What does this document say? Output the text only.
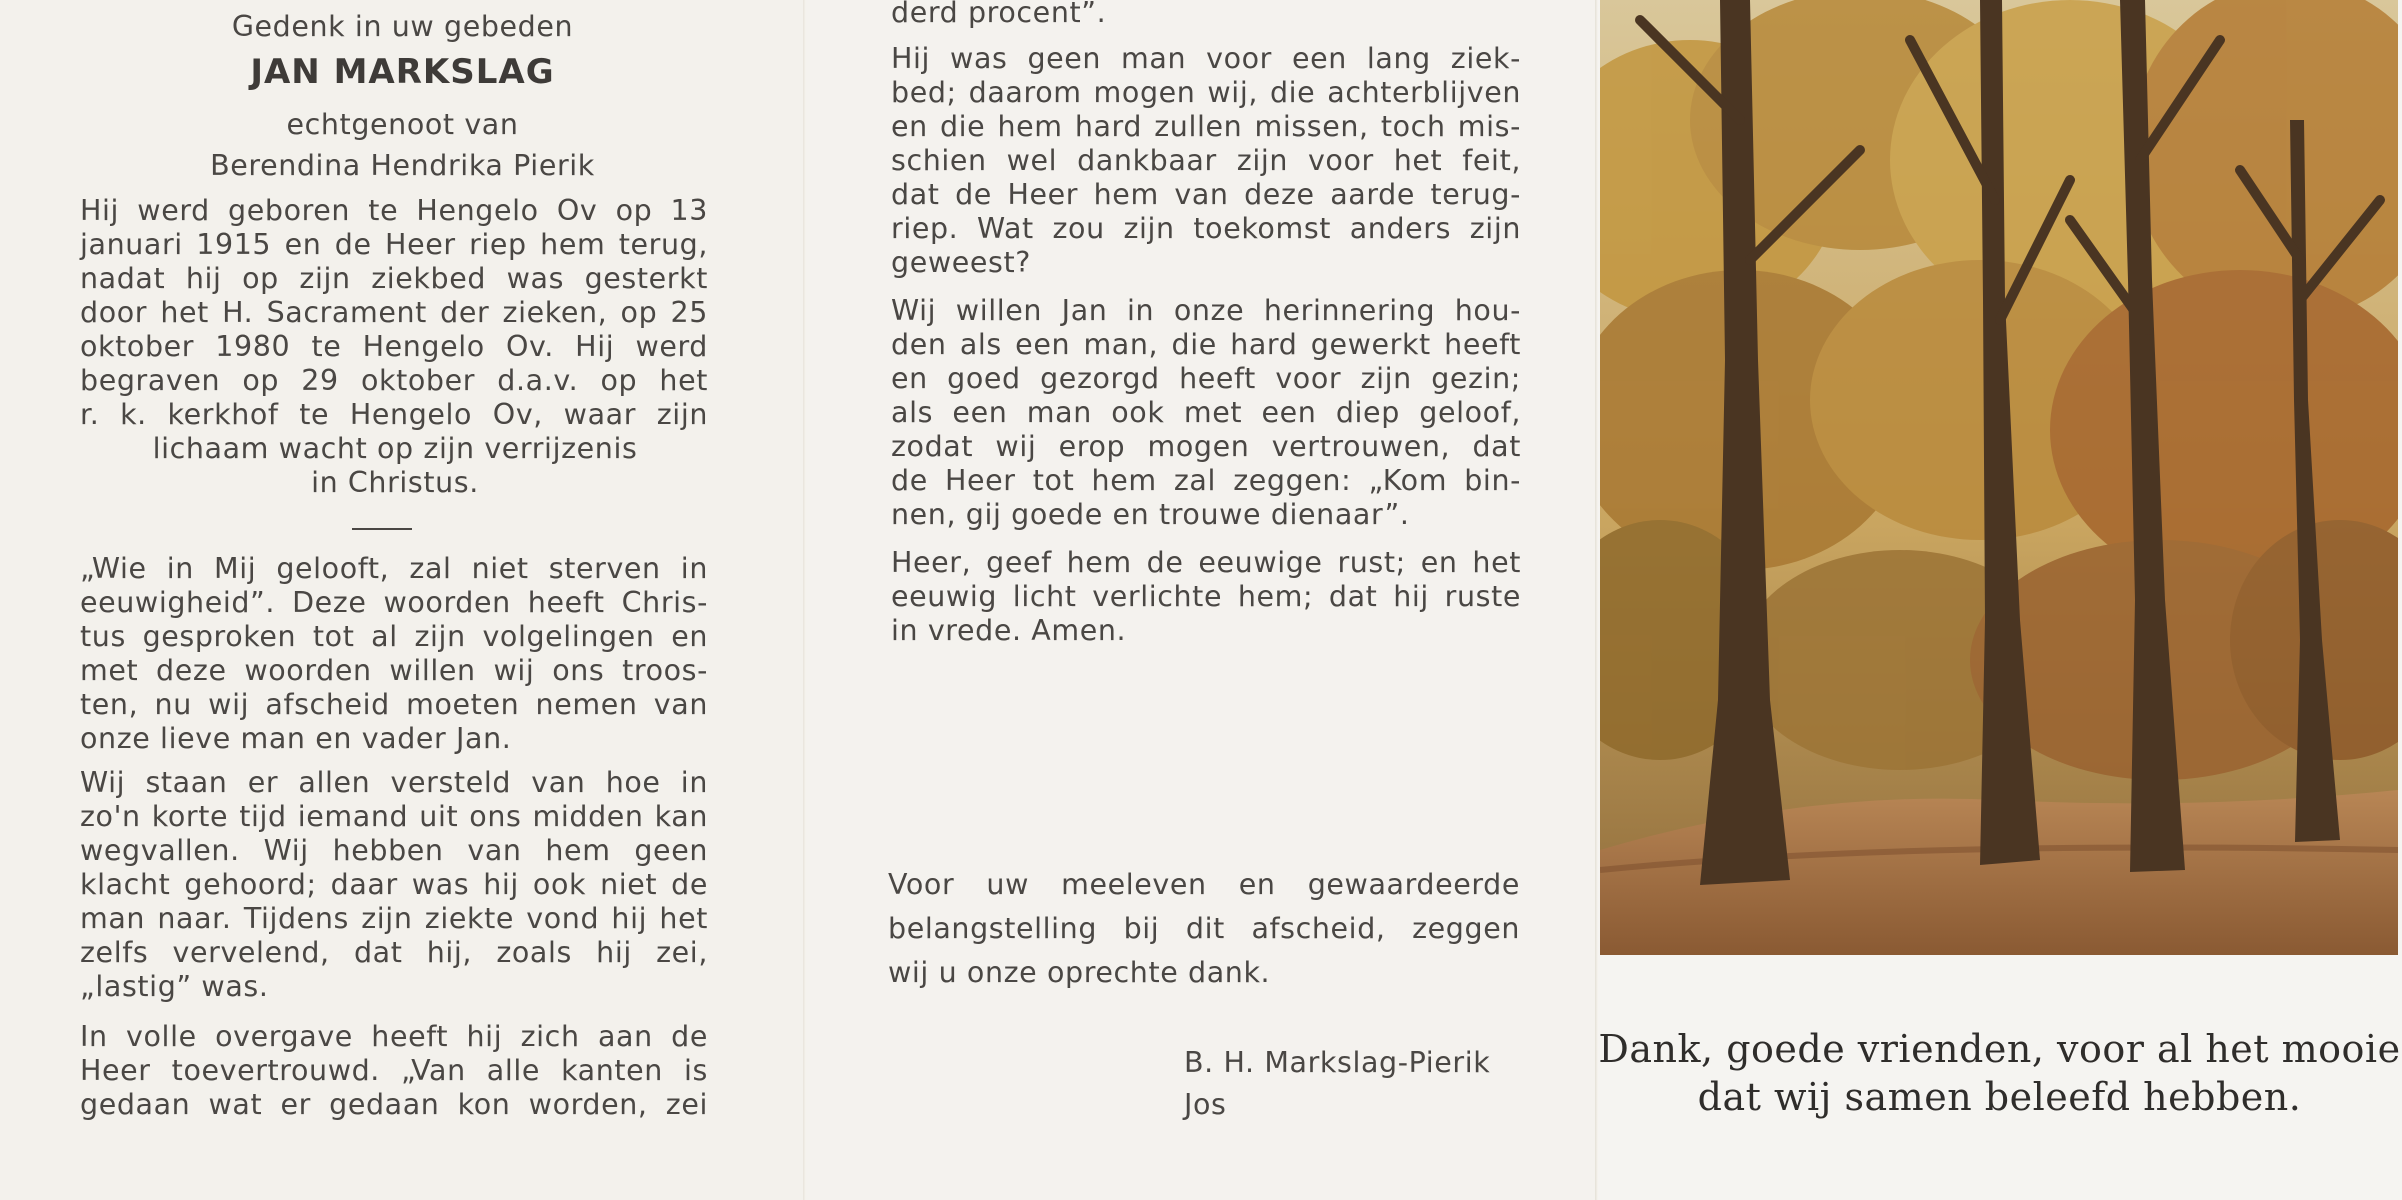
Gedenk in uw gebeden
JAN MARKSLAG
echtgenoot van
Berendina Hendrika Pierik
Hij werd geboren te Hengelo Ov op 13
januari 1915 en de Heer riep hem terug,
nadat hij op zijn ziekbed was gesterkt
door het H. Sacrament der zieken, op 25
oktober 1980 te Hengelo Ov. Hij werd
begraven op 29 oktober d.a.v. op het
r. k. kerkhof te Hengelo Ov, waar zijn
lichaam wacht op zijn verrijzenis
in Christus.
„Wie in Mij gelooft, zal niet sterven in
eeuwigheid”. Deze woorden heeft Chris-
tus gesproken tot al zijn volgelingen en
met deze woorden willen wij ons troos-
ten, nu wij afscheid moeten nemen van
onze lieve man en vader Jan.
Wij staan er allen versteld van hoe in
zo'n korte tijd iemand uit ons midden kan
wegvallen. Wij hebben van hem geen
klacht gehoord; daar was hij ook niet de
man naar. Tijdens zijn ziekte vond hij het
zelfs vervelend, dat hij, zoals hij zei,
„lastig” was.
In volle overgave heeft hij zich aan de
Heer toevertrouwd. „Van alle kanten is
gedaan wat er gedaan kon worden, zei
derd procent”.
Hij was geen man voor een lang ziek-
bed; daarom mogen wij, die achterblijven
en die hem hard zullen missen, toch mis-
schien wel dankbaar zijn voor het feit,
dat de Heer hem van deze aarde terug-
riep. Wat zou zijn toekomst anders zijn
geweest?
Wij willen Jan in onze herinnering hou-
den als een man, die hard gewerkt heeft
en goed gezorgd heeft voor zijn gezin;
als een man ook met een diep geloof,
zodat wij erop mogen vertrouwen, dat
de Heer tot hem zal zeggen: „Kom bin-
nen, gij goede en trouwe dienaar”.
Heer, geef hem de eeuwige rust; en het
eeuwig licht verlichte hem; dat hij ruste
in vrede. Amen.
Voor uw meeleven en gewaardeerde
belangstelling bij dit afscheid, zeggen
wij u onze oprechte dank.
B. H. Markslag-Pierik
Jos
Dank, goede vrienden, voor al het mooie
dat wij samen beleefd hebben.
